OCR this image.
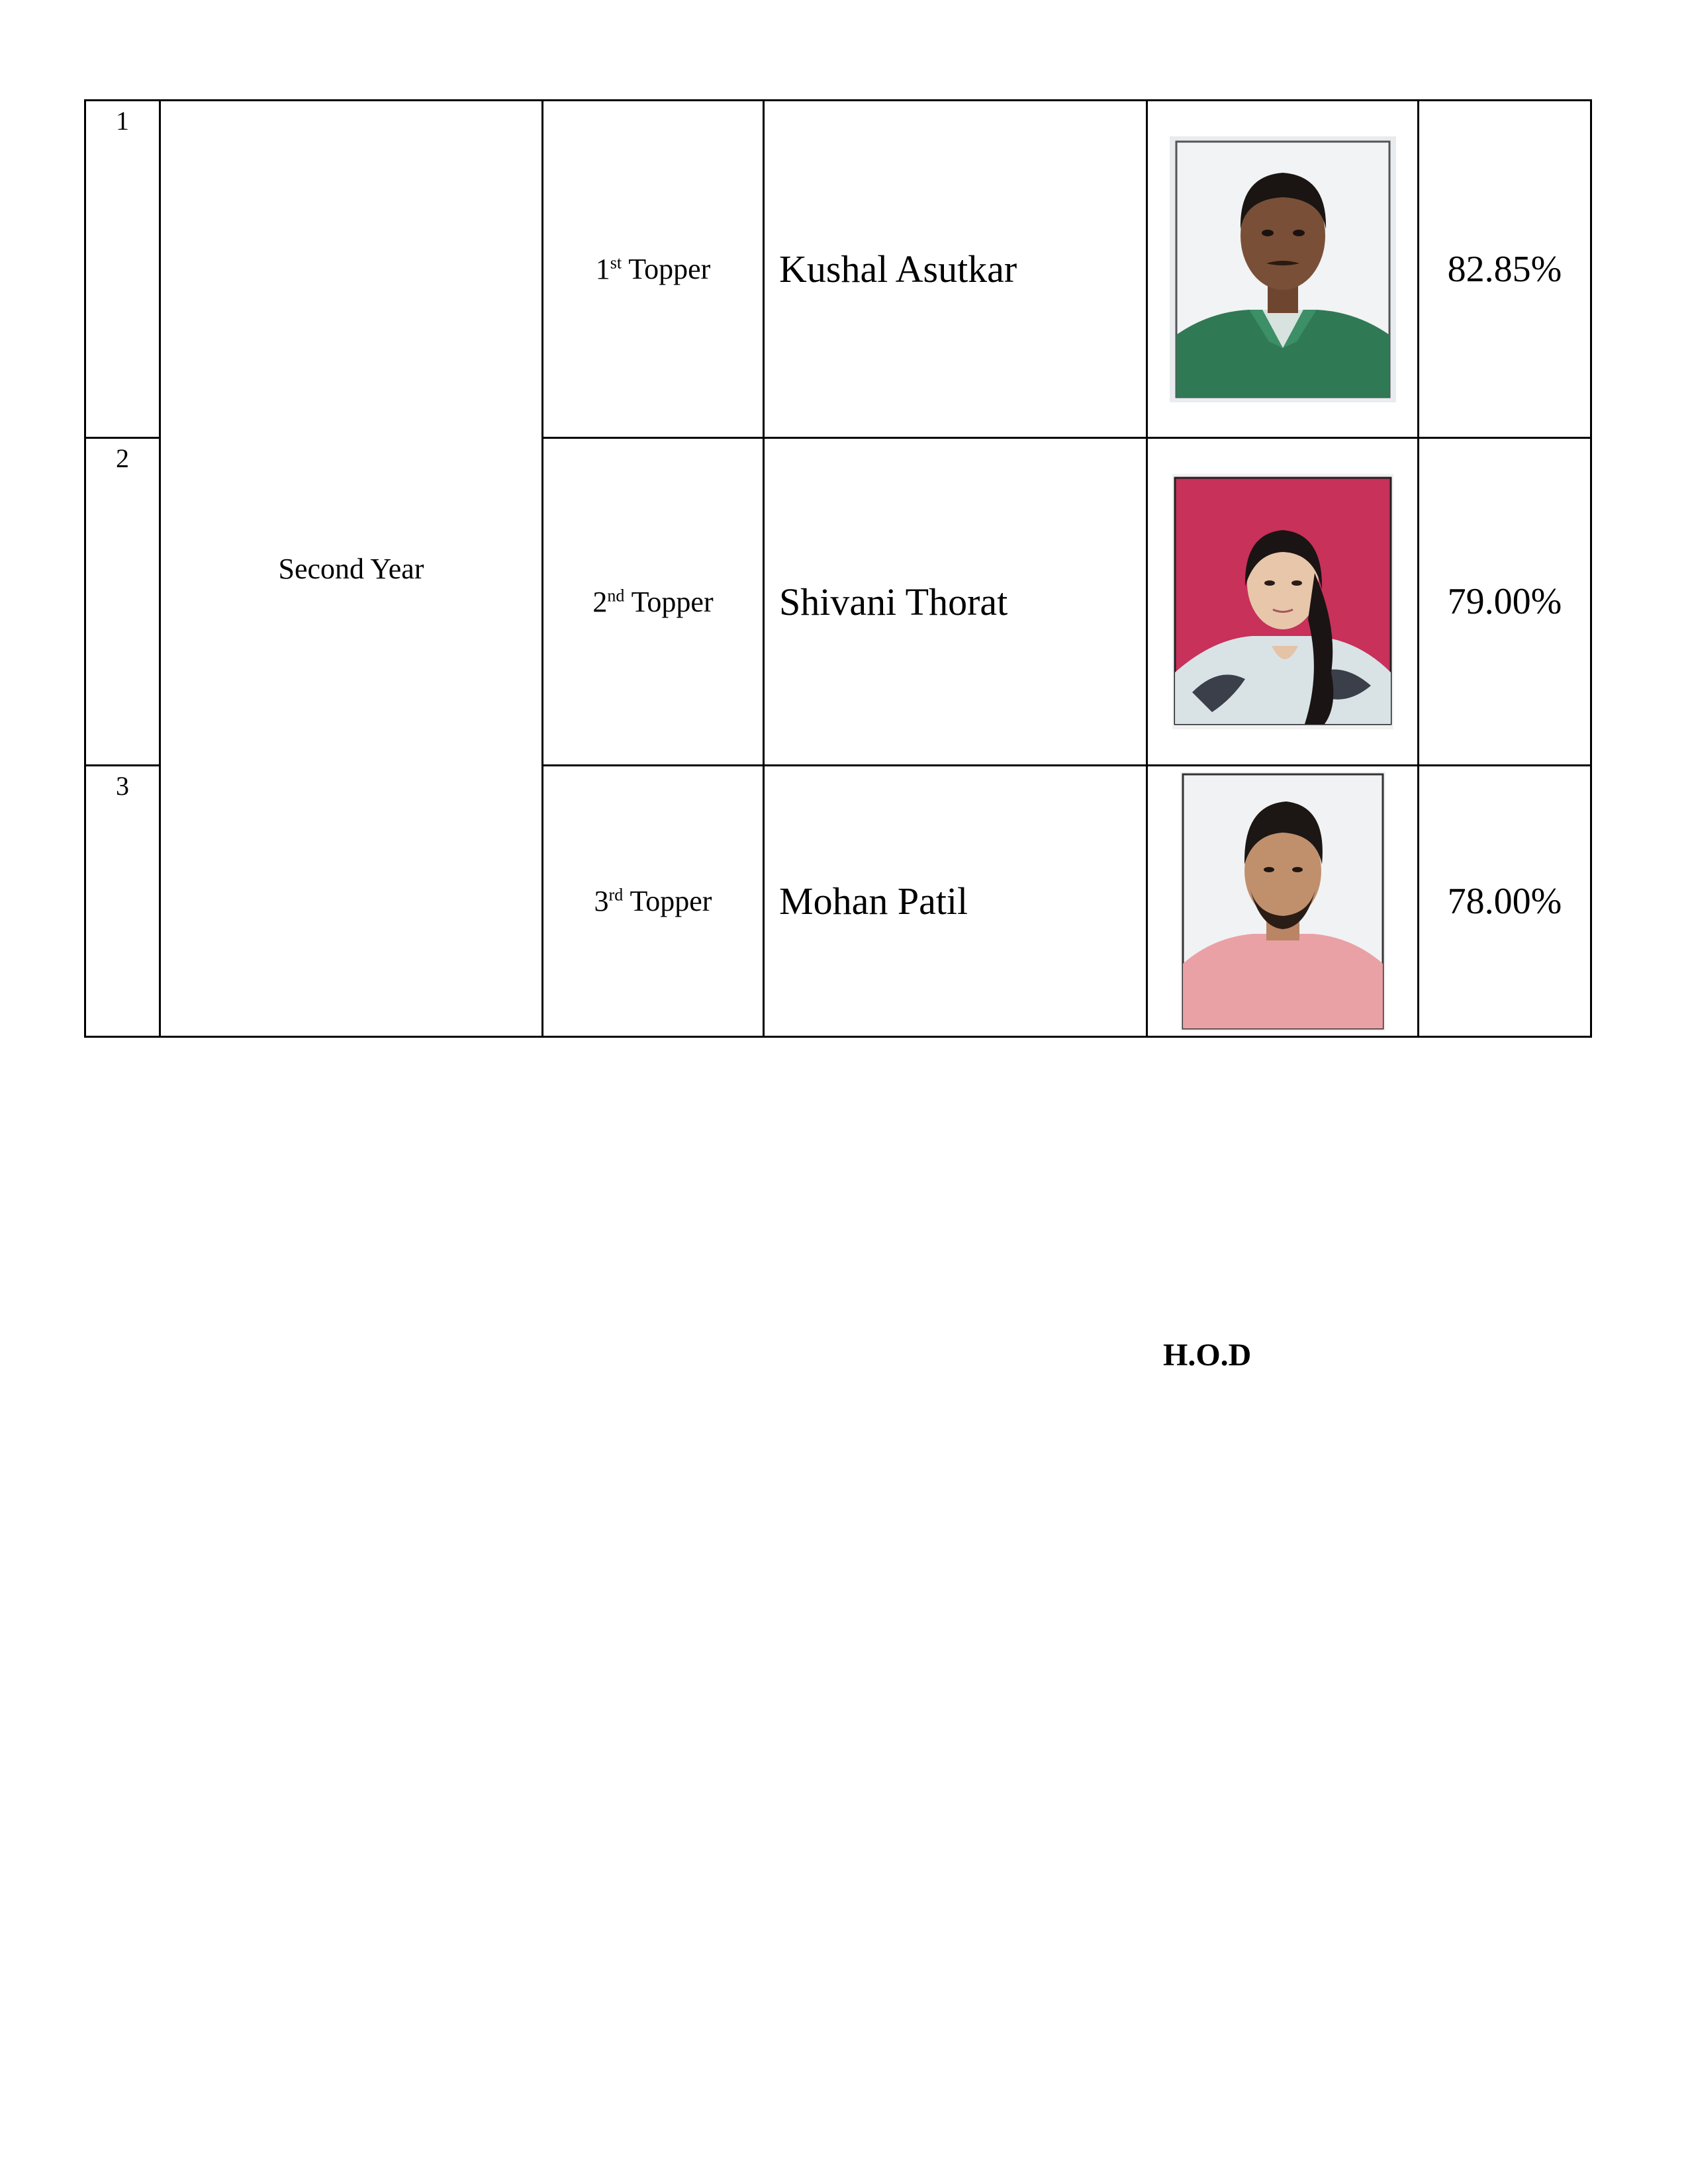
1	Second Year	1st Topper	Kushal Asutkar		82.85%
2		2nd Topper	Shivani Thorat		79.00%
3		3rd Topper	Mohan Patil		78.00%
H.O.D
